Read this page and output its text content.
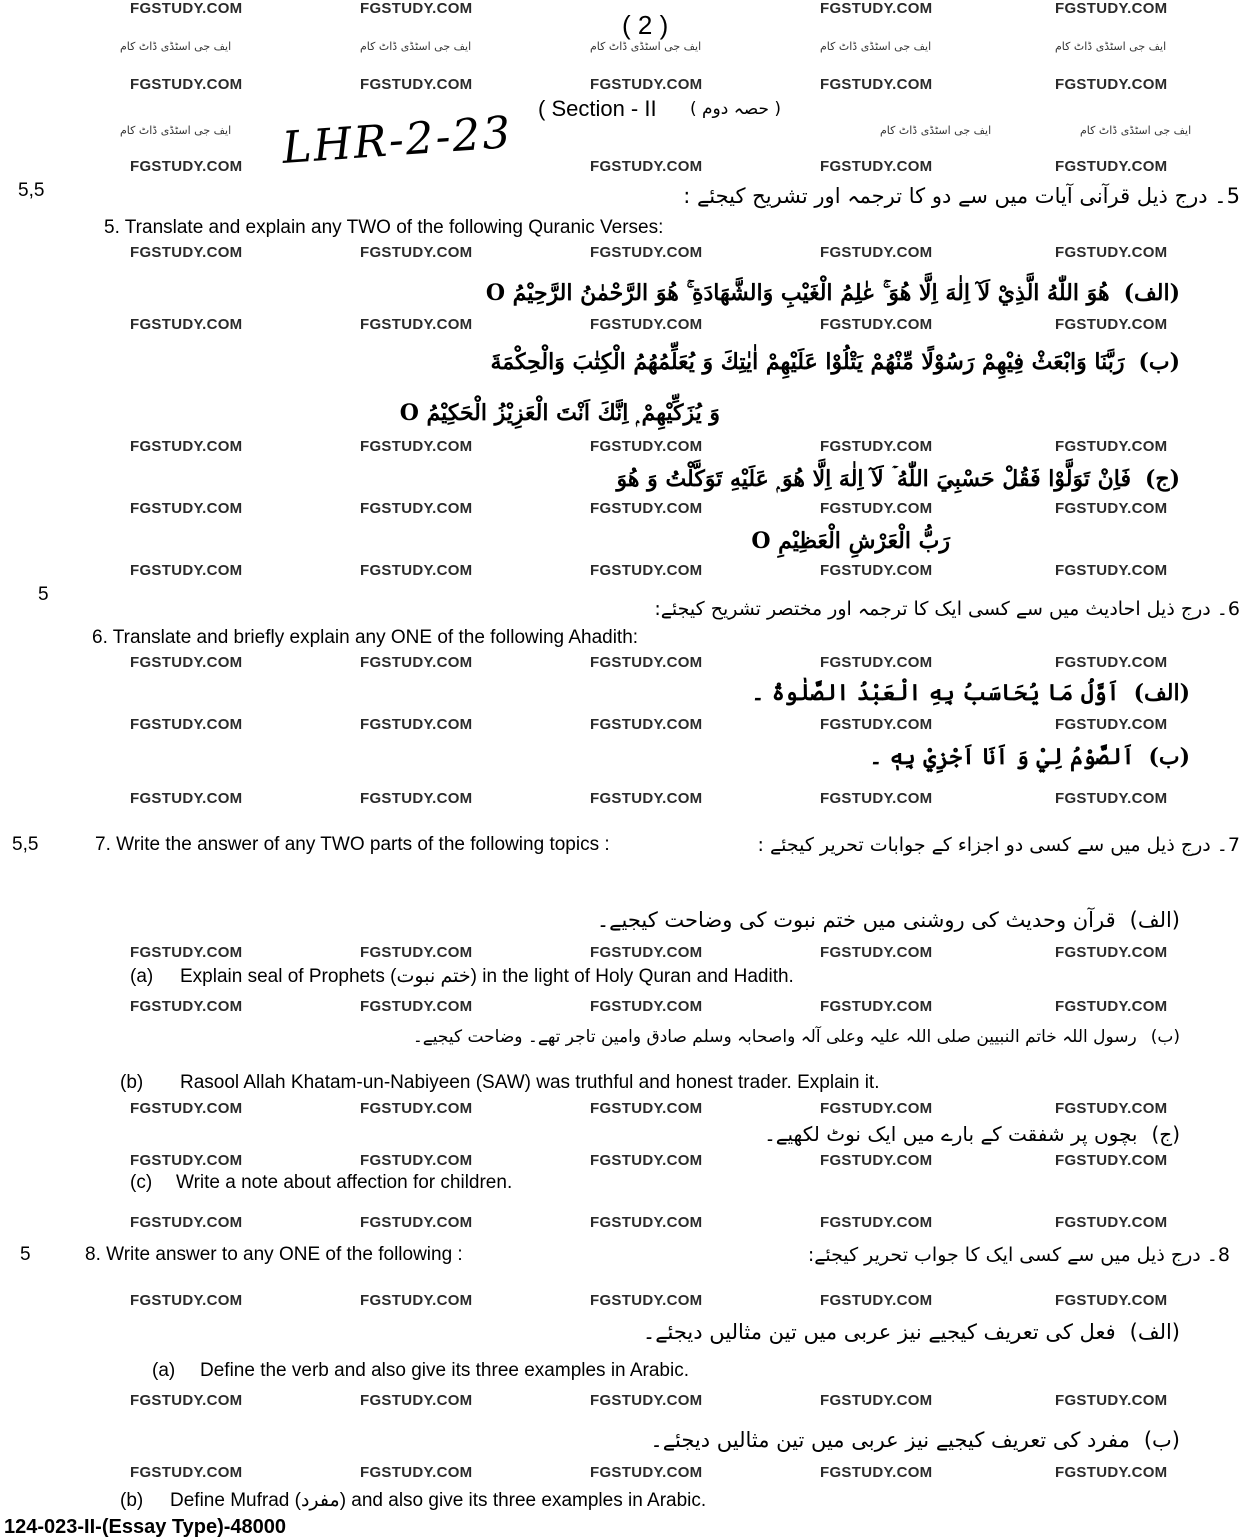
FGSTUDY.COM	FGSTUDY.COM	FGSTUDY.COM	FGSTUDY.COM
FGSTUDY.COM	FGSTUDY.COM	FGSTUDY.COM	FGSTUDY.COM	FGSTUDY.COM
FGSTUDY.COM	FGSTUDY.COM	FGSTUDY.COM	FGSTUDY.COM
FGSTUDY.COM	FGSTUDY.COM	FGSTUDY.COM	FGSTUDY.COM	FGSTUDY.COM
FGSTUDY.COM	FGSTUDY.COM	FGSTUDY.COM	FGSTUDY.COM	FGSTUDY.COM
FGSTUDY.COM	FGSTUDY.COM	FGSTUDY.COM	FGSTUDY.COM	FGSTUDY.COM
FGSTUDY.COM	FGSTUDY.COM	FGSTUDY.COM	FGSTUDY.COM	FGSTUDY.COM
FGSTUDY.COM	FGSTUDY.COM	FGSTUDY.COM	FGSTUDY.COM	FGSTUDY.COM
FGSTUDY.COM	FGSTUDY.COM	FGSTUDY.COM	FGSTUDY.COM	FGSTUDY.COM
FGSTUDY.COM	FGSTUDY.COM	FGSTUDY.COM	FGSTUDY.COM	FGSTUDY.COM
FGSTUDY.COM	FGSTUDY.COM	FGSTUDY.COM	FGSTUDY.COM	FGSTUDY.COM
FGSTUDY.COM	FGSTUDY.COM	FGSTUDY.COM	FGSTUDY.COM	FGSTUDY.COM
FGSTUDY.COM	FGSTUDY.COM	FGSTUDY.COM	FGSTUDY.COM	FGSTUDY.COM
FGSTUDY.COM	FGSTUDY.COM	FGSTUDY.COM	FGSTUDY.COM	FGSTUDY.COM
FGSTUDY.COM	FGSTUDY.COM	FGSTUDY.COM	FGSTUDY.COM	FGSTUDY.COM
FGSTUDY.COM	FGSTUDY.COM	FGSTUDY.COM	FGSTUDY.COM	FGSTUDY.COM
FGSTUDY.COM	FGSTUDY.COM	FGSTUDY.COM	FGSTUDY.COM	FGSTUDY.COM
FGSTUDY.COM	FGSTUDY.COM	FGSTUDY.COM	FGSTUDY.COM	FGSTUDY.COM
FGSTUDY.COM	FGSTUDY.COM	FGSTUDY.COM	FGSTUDY.COM	FGSTUDY.COM
ایف جی اسٹڈی ڈاٹ کام	ایف جی اسٹڈی ڈاٹ کام	ایف جی اسٹڈی ڈاٹ کام	ایف جی اسٹڈی ڈاٹ کام	ایف جی اسٹڈی ڈاٹ کام
ایف جی اسٹڈی ڈاٹ کام	ایف جی اسٹڈی ڈاٹ کام	ایف جی اسٹڈی ڈاٹ کام
( 2 )
( Section - II ( حصہ دوم )
LHR-2-23
5,5	5۔ درج ذیل قرآنی آیات میں سے دو کا ترجمہ اور تشریح کیجئے :
5. Translate and explain any TWO of the following Quranic Verses:
(الف)
هُوَ اللّٰهُ الَّذِيْ لَآ اِلٰهَ اِلَّا هُوَ ۚ عٰلِمُ الْغَيْبِ وَالشَّهَادَةِ ۚ هُوَ الرَّحْمٰنُ الرَّحِيْمُ O
(ب)
رَبَّنَا وَابْعَثْ فِيْهِمْ رَسُوْلًا مِّنْهُمْ يَتْلُوْا عَلَيْهِمْ اٰيٰتِكَ وَ يُعَلِّمُهُمُ الْكِتٰبَ وَالْحِكْمَةَ
وَ يُزَكِّيْهِمْ ۭ اِنَّكَ اَنْتَ الْعَزِيْزُ الْحَكِيْمُ O
(ج)
فَاِنْ تَوَلَّوْا فَقُلْ حَسْبِيَ اللّٰهُ ۡ لَآ اِلٰهَ اِلَّا هُوَ ۭ عَلَيْهِ تَوَكَّلْتُ وَ هُوَ
رَبُّ الْعَرْشِ الْعَظِيْمِ O
5
6۔ درج ذیل احادیث میں سے کسی ایک کا ترجمہ اور مختصر تشریح کیجئے:
6. Translate and briefly explain any ONE of the following Ahadith:
(الف)
اَوَّلُ مَا يُحَاسَبُ بِهِ الْعَبْدُ الصَّلٰوةُ ۔
(ب)
اَلصَّوْمُ لِيْ وَ اَنَا اَجْزِيْ بِهٖ ۔
5,5	7. Write the answer of any TWO parts of the following topics :	7۔ درج ذیل میں سے کسی دو اجزاء کے جوابات تحریر کیجئے :
(الف)
قرآن وحدیث کی روشنی میں ختم نبوت کی وضاحت کیجیے۔
(a) Explain seal of Prophets (ختم نبوت) in the light of Holy Quran and Hadith.
(ب)
رسول اللہ خاتم النبیین صلی اللہ علیہ وعلی آلہ واصحابہ وسلم صادق وامین تاجر تھے۔ وضاحت کیجیے۔
(b) Rasool Allah Khatam-un-Nabiyeen (SAW) was truthful and honest trader. Explain it.
(ج)
بچوں پر شفقت کے بارے میں ایک نوٹ لکھیے۔
(c) Write a note about affection for children.
5	8. Write answer to any ONE of the following :	8۔ درج ذیل میں سے کسی ایک کا جواب تحریر کیجئے:
(الف)
فعل کی تعریف کیجیے نیز عربی میں تین مثالیں دیجئے۔
(a) Define the verb and also give its three examples in Arabic.
(ب)
مفرد کی تعریف کیجیے نیز عربی میں تین مثالیں دیجئے۔
(b) Define Mufrad (مفرد) and also give its three examples in Arabic.
124-023-II-(Essay Type)-48000
